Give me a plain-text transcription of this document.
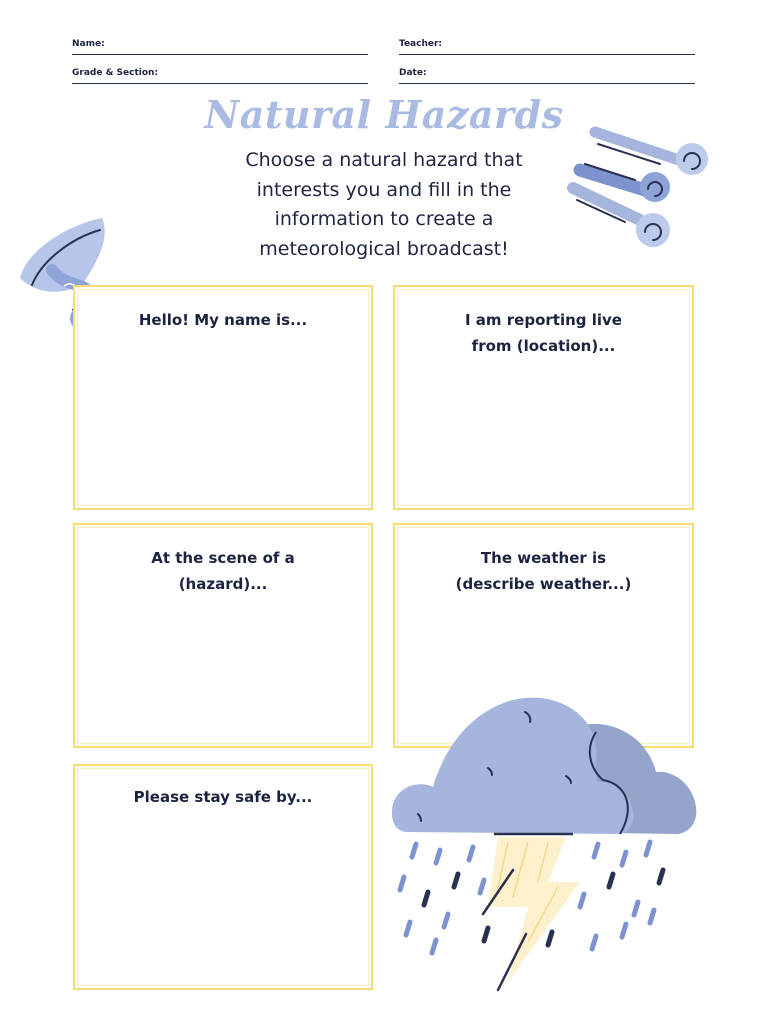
Name:	Teacher:
Grade & Section:	Date:
Natural Hazards
Choose a natural hazard that interests you and fill in the information to create a meteorological broadcast!
Hello! My name is...	I am reporting live from (location)...
At the scene of a (hazard)...
The weather is (describe weather...)
Please stay safe by...
